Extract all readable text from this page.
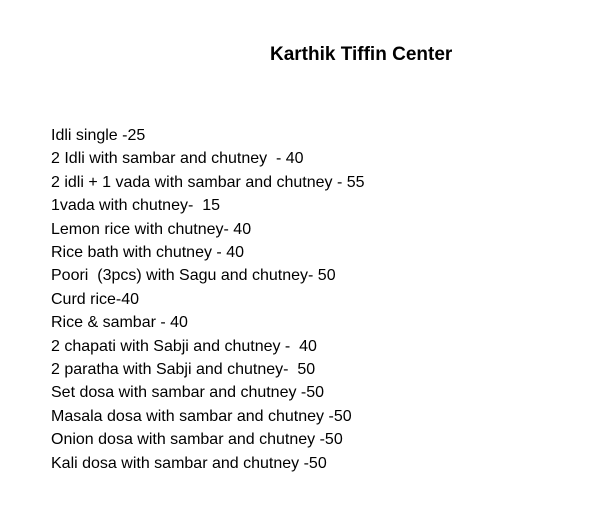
Karthik Tiffin Center
Idli single -25
2 Idli with sambar and chutney  - 40
2 idli + 1 vada with sambar and chutney - 55
1vada with chutney-  15
Lemon rice with chutney- 40
Rice bath with chutney - 40
Poori  (3pcs) with Sagu and chutney- 50
Curd rice-40
Rice & sambar - 40
2 chapati with Sabji and chutney -  40
2 paratha with Sabji and chutney-  50
Set dosa with sambar and chutney -50
Masala dosa with sambar and chutney -50
Onion dosa with sambar and chutney -50
Kali dosa with sambar and chutney -50
